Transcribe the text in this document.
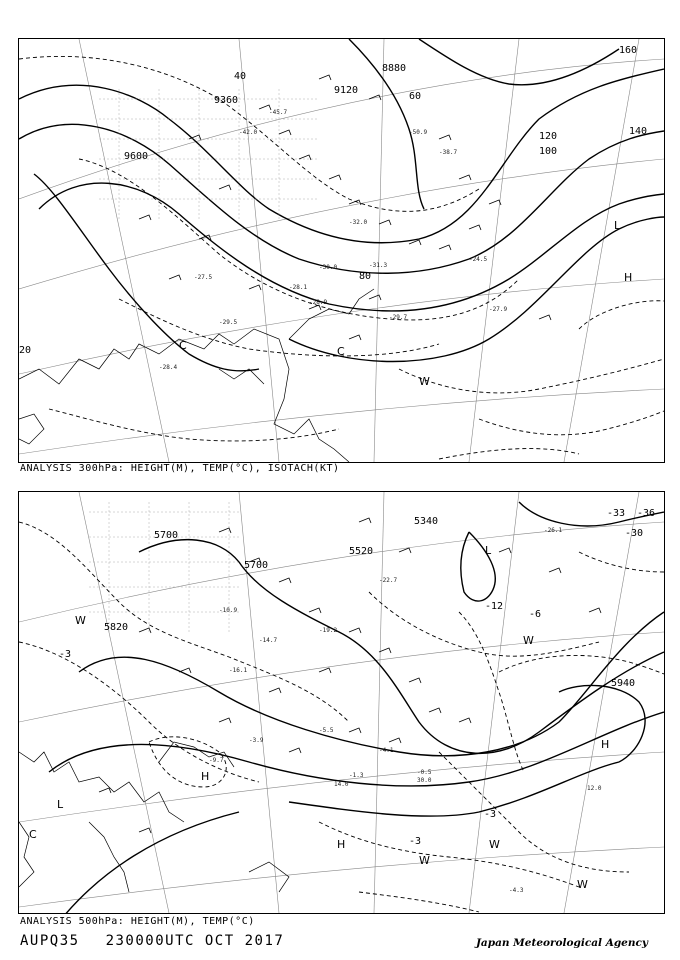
8880
9120
9360
9600
20
40
60
80
100
120	140
160
-27.5
-28.1
-29.5
-30.0	-31.3
-32.0
-42.0
-45.7
-50.9
-38.7
-24.5
-27.9
-29.7
-28.4
-28.9
H
C
W
L
C
ANALYSIS 300hPa: HEIGHT(M), TEMP(°C), ISOTACH(KT)
5340
5520
5700
5700
5820
5940
-3
-3
-3
-12
-33 -36
-30
-6
-10.9
-14.7
-19.2
-22.7
-5.5
-4.1
-3.9
-1.3	-0.5
30.0
14.0
12.0
-4.3
-16.1
-9.7
-26.1
H
H
H
L
L
C
W
W
W
W
W
ANALYSIS 500hPa: HEIGHT(M), TEMP(°C)
AUPQ35 230000UTC OCT 2017	Japan Meteorological Agency
